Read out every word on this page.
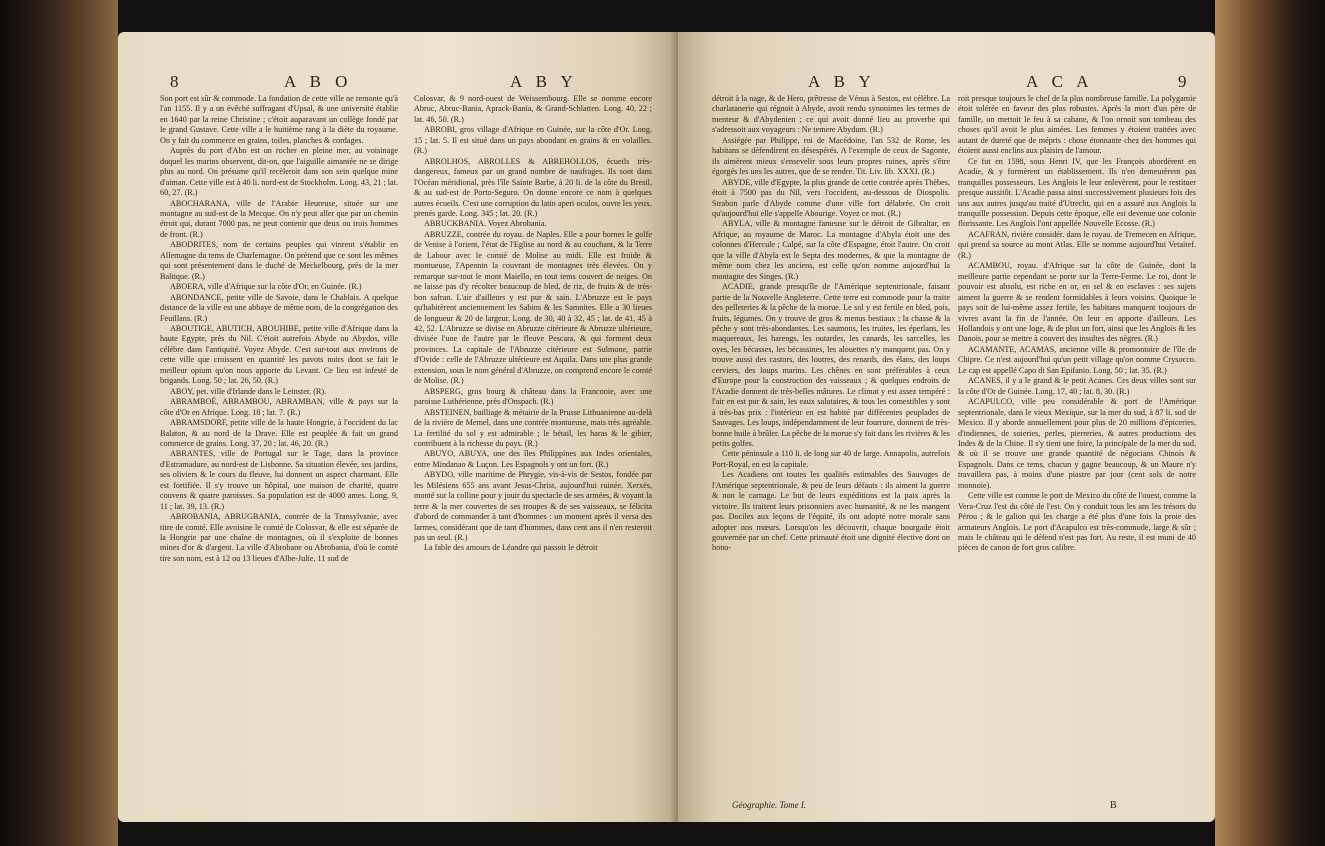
8	A B O	A B Y

Son port est sûr & commode. La fondation de cette ville ne remonte qu'à l'an 1155. Il y a un évêché suffragant d'Upsal, & une université établie en 1640 par la reine Christine ; c'étoit auparavant un collège fondé par le grand Gustave. Cette ville a le huitième rang à la diète du royaume. On y fait du commerce en grains, toiles, planches & cordages.

Auprès du port d'Abo est un rocher en pleine mer, au voisinage duquel les marins observent, dit-on, que l'aiguille aimantée ne se dirige plus au nord. On présume qu'il recèleroit dans son sein quelque mine d'aiman. Cette ville est à 40 li. nord-est de Stockholm. Long. 43, 21 ; lat. 60, 27. (R.)

ABOCHARANA, ville de l'Arabie Heureuse, située sur une montagne au sud-est de la Mecque. On n'y peut aller que par un chemin étroit qui, durant 7000 pas, ne peut contenir que deux ou trois hommes de front. (R.)

ABODRITES, nom de certains peuples qui vinrent s'établir en Allemagne du tems de Charlemagne. On prétend que ce sont les mêmes qui sont présentement dans le duché de Meckelbourg, près de la mer Baltique. (R.)

ABOERA, ville d'Afrique sur la côte d'Or, en Guinée. (R.)

ABONDANCE, petite ville de Savoie, dans le Chablais. A quelque distance de la ville est une abbaye de même nom, de la congrégation des Feuillans. (R.)

ABOUTIGE, ABUTICH, ABOUHIBE, petite ville d'Afrique dans la haute Egypte, près du Nil. C'étoit autrefois Abyde ou Abydos, ville célèbre dans l'antiquité. Voyez Abyde. C'est sur-tout aux environs de cette ville que croissent en quantité les pavots noirs dont se fait le meilleur opium qu'on nous apporte du Levant. Ce lieu est infesté de brigands. Long. 50 ; lat. 26, 50. (R.)

ABOY, pet. ville d'Irlande dans le Leinster. (R).

ABRAMBOÉ, ABRAMBOU, ABRAMBAN, ville & pays sur la côte d'Or en Afrique. Long. 18 ; lat. 7. (R.)

ABRAMSDORF, petite ville de la haute Hongrie, à l'occident du lac Balaton, & au nord de la Drave. Elle est peuplée & fait un grand commerce de grains. Long. 37, 20 ; lat. 46, 20. (R.)

ABRANTES, ville de Portugal sur le Tage, dans la province d'Estramadure, au nord-est de Lisbonne. Sa situation élevée, ses jardins, ses oliviers & le cours du fleuve, lui donnent un aspect charmant. Elle est fortifiée. Il s'y trouve un hôpital, une maison de charité, quatre couvens & quatre paroisses. Sa population est de 4000 ames. Long. 9, 11 ; lat. 39, 13. (R.)

ABROBANIA, ABRUGBANIA, contrée de la Transylvanie, avec titre de comté. Elle avoisine le comté de Colosvar, & elle est séparée de la Hongrie par une chaîne de montagnes, où il s'exploite de bonnes mines d'or & d'argent. La ville d'Abrobane ou Abrobania, d'où le comté tire son nom, est à 12 ou 13 lieues d'Albe-Julie, 11 sud de

Colosvar, & 9 nord-ouest de Weissembourg. Elle se nomme encore Abruc, Abruc-Bania, Aprack-Bania, & Grand-Schlatten. Long. 40, 22 ; lat. 46, 50. (R.)

ABROBI, gros village d'Afrique en Guinée, sur la côte d'Or. Long. 15 ; lat. 5. Il est situé dans un pays abondant en grains & en volailles. (R.)

ABROLHOS, ABROLLES & ABREHOLLOS, écueils très-dangereux, fameux par un grand nombre de naufrages. Ils sont dans l'Océan méridional, près l'île Sainte Barbe, à 20 li. de la côte du Bresil, & au sud-est de Porto-Seguro. On donne encore ce nom à quelques autres écueils. C'est une corruption du latin aperi oculos, ouvre les yeux, prenés garde. Long. 345 ; lat. 20. (R.)

ABRUCKBANIA. Voyez Abrobania.

ABRUZZE, contrée du royau. de Naples. Elle a pour bornes le golfe de Venise à l'orient, l'état de l'Eglise au nord & au couchant, & la Terre de Labour avec le comté de Molise au midi. Elle est froide & montueuse, l'Apennin la couvrant de montagnes très élevées. On y remarque sur-tout le mont Maiello, en tout tems couvert de neiges. On ne laisse pas d'y récolter beaucoup de bled, de riz, de fruits & de très-bon safran. L'air d'ailleurs y est pur & sain. L'Abruzze est le pays qu'habitèrent anciennement les Sabins & les Samnites. Elle a 30 lieues de longueur & 20 de largeur. Long. de 30, 40 à 32, 45 ; lat. de 41, 45 à 42, 52. L'Abruzze se divise en Abruzze citérieure & Abruzze ultérieure, divisée l'une de l'autre par le fleuve Pescara, & qui forment deux provinces. La capitale de l'Abruzze citérieure est Sulmone, patrie d'Ovide : celle de l'Abruzze ultérieure est Aquila. Dans une plus grande extension, sous le nom général d'Abruzze, on comprend encore le comté de Molise. (R.)

ABSPERG, gros bourg & château dans la Franconie, avec une paroisse Luthérienne, près d'Onspach. (R.)

ABSTEINEN, bailliage & métairie de la Prusse Lithuanienne au-delà de la rivière de Memel, dans une contrée montueuse, mais très agréable. La fertilité du sol y est admirable ; le bétail, les haras & le gibier, contribuent à la richesse du pays. (R.)

ABUYO, ABUYA, une des îles Philippines aux Indes orientales, entre Mindanao & Luçon. Les Espagnols y ont un fort. (R.)

ABYDO, ville maritime de Phrygie, vis-à-vis de Sestos, fondée par les Milésiens 655 ans avant Jesus-Christ, aujourd'hui ruinée. Xerxès, monté sur la colline pour y jouir du spectacle de ses armées, & voyant la terre & la mer couvertes de ses troupes & de ses vaisseaux, se félicita d'abord de commander à tant d'hommes : un moment après il versa des larmes, considérant que de tant d'hommes, dans cent ans il n'en resteroit pas un seul. (R.)

La fable des amours de Léandre qui passoit le détroit

A B Y	A C A	9

détroit à la nage, & de Hero, prêtresse de Vénus à Sestos, est célèbre. La charlatanerie qui régnoit à Abyde, avoit rendu synonimes les termes de menteur & d'Abydenien ; ce qui avoit donné lieu au proverbe qui s'adressoit aux voyageurs : Ne temere Abydum. (R.)

Assiégée par Philippe, roi de Macédoine, l'an 532 de Rome, les habitans se défendirent en désespérés. A l'exemple de ceux de Sagonte, ils aimèrent mieux s'ensevelir sous leurs propres ruines, après s'être égorgés les uns les autres, que de se rendre. Tit. Liv. lib. XXXI. (R.)

ABYDE, ville d'Egypte, la plus grande de cette contrée après Thèbes, étoit à 7500 pas du Nil, vers l'occident, au-dessous de Diospolis. Strabon parle d'Abyde comme d'une ville fort délabrée. On croit qu'aujourd'hui elle s'appelle Abourige. Voyez ce mot. (R.)

ABYLA, ville & montagne fameuse sur le détroit de Gibraltar, en Afrique, au royaume de Maroc. La montagne d'Abyla étoit une des colonnes d'Hercule ; Calpé, sur la côte d'Espagne, étoit l'autre. On croit que la ville d'Abyla est le Septa des modernes, & que la montagne de même nom chez les anciens, est celle qu'on nomme aujourd'hui la montagne des Singes. (R.)

ACADIE, grande presqu'île de l'Amérique septentrionale, faisant partie de la Nouvelle Angleterre. Cette terre est commode pour la traite des pelleteries & la pêche de la morue. Le sol y est fertile en bled, pois, fruits, légumes. On y trouve de gros & menus bestiaux ; la chasse & la pêche y sont très-abondantes. Les saumons, les truites, les éperlans, les maquereaux, les harengs, les outardes, les canards, les sarcelles, les oyes, les bécasses, les bécassines, les alouettes n'y manquent pas. On y trouve aussi des castors, des loutres, des renards, des élans, des loups cerviers, des loups marins. Les chênes en sont préférables à ceux d'Europe pour la construction des vaisseaux ; & quelques endroits de l'Acadie donnent de très-belles mâtures. Le climat y est assez tempéré : l'air en est pur & sain, les eaux salutaires, & tous les comestibles y sont à très-bas prix : l'intérieur en est habité par différentes peuplades de Sauvages. Les loups, indépendamment de leur fourrure, donnent de très-bonne huile à brûler. La pêche de la morue s'y fait dans les rivières & les petits golfes.

Cette péninsule a 110 li. de long sur 40 de large. Annapolis, autrefois Port-Royal, en est la capitale.

Les Acadiens ont toutes les qualités estimables des Sauvages de l'Amérique septentrionale, & peu de leurs défauts : ils aiment la guerre & non le carnage. Le but de leurs expéditions est la paix après la victoire. Ils traitent leurs prisonniers avec humanité, & ne les mangent pas. Dociles aux leçons de l'équité, ils ont adopté notre morale sans adopter nos mœurs. Lorsqu'on les découvrit, chaque bourgade étoit gouvernée par un chef. Cette primauté étoit une dignité élective dont on hono-

roit presque toujours le chef de la plus nombreuse famille. La polygamie étoit tolérée en faveur des plus robustes. Après la mort d'un père de famille, on mettoit le feu à sa cabane, & l'on ornoit son tombeau des choses qu'il avoit le plus aimées. Les femmes y étoient traitées avec autant de dureté que de mépris : chose étonnante chez des hommes qui étoient aussi enclins aux plaisirs de l'amour.

Ce fut en 1598, sous Henri IV, que les François abordèrent en Acadie, & y formèrent un établissement. Ils n'en demeurèrent pas tranquilles possesseurs. Les Anglois le leur enlevèrent, pour le restituer presque aussitôt. L'Acadie passa ainsi successivement plusieurs fois des uns aux autres jusqu'au traité d'Utrecht, qui en a assuré aux Anglois la tranquille possession. Depuis cette époque, elle est devenue une colonie florissante. Les Anglois l'ont appellée Nouvelle Ecosse. (R.)

ACAFRAN, rivière considér. dans le royau. de Tremecen en Afrique, qui prend sa source au mont Atlas. Elle se nomme aujourd'hui Vetaitef. (R.)

ACAMBOU, royau. d'Afrique sur la côte de Guinée, dont la meilleure partie cependant se porte sur la Terre-Ferme. Le roi, dont le pouvoir est absolu, est riche en or, en sel & en esclaves : ses sujets aiment la guerre & se rendent formidables à leurs voisins. Quoique le pays soit de lui-même assez fertile, les habitans manquent toujours de vivres avant la fin de l'année. On leur en apporte d'ailleurs. Les Hollandois y ont une loge, & de plus un fort, ainsi que les Anglois & les Danois, pour se mettre à couvert des insultes des nègres. (R.)

ACAMANTE, ACAMAS, ancienne ville & promontoire de l'île de Chipre. Ce n'est aujourd'hui qu'un petit village qu'on nomme Crysocco. Le cap est appellé Capo di San Epifanio. Long. 50 ; lat. 35. (R.)

ACANES, il y a le grand & le petit Acanes. Ces deux villes sont sur la côte d'Or de Guinée. Long. 17, 40 ; lat. 8, 30. (R.)

ACAPULCO, ville peu considérable & port de l'Amérique septentrionale, dans le vieux Mexique, sur la mer du sud, à 87 li. sud de Mexico. Il y aborde annuellement pour plus de 20 millions d'épiceries, d'indiennes, de soieries, perles, pierreries, & autres productions des Indes & de la Chine. Il s'y tient une foire, la principale de la mer du sud, & où il se trouve une grande quantité de négocians Chinois & Espagnols. Dans ce tems, chacun y gagne beaucoup, & un Maure n'y travaillera pas, à moins d'une piastre par jour (cent sols de notre monnoie).

Cette ville est comme le port de Mexico du côté de l'ouest, comme la Vera-Cruz l'est du côté de l'est. On y conduit tous les ans les trésors du Pérou ; & le galion qui les charge a été plus d'une fois la proie des armateurs Anglois. Le port d'Acapulco est très-commode, large & sûr ; mais le château qui le défend n'est pas fort. Au reste, il est muni de 40 pièces de canon de fort gros calibre.

Géographie. Tome I.	B
